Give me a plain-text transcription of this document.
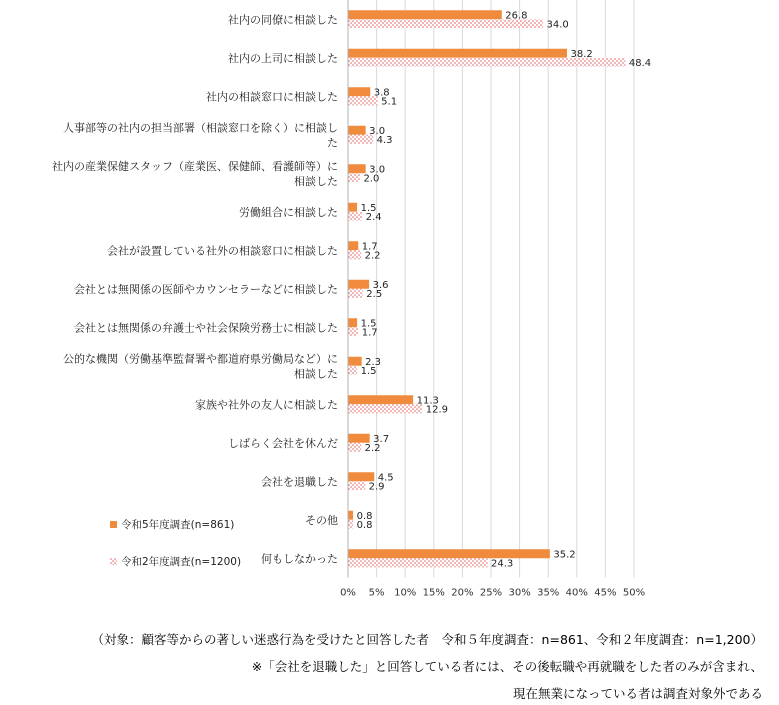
26.8
34.0
38.2
48.4
3.8
5.1
3.0
4.3
3.0
2.0
1.5
2.4
1.7
2.2
3.6
2.5
1.5
1.7
2.3
1.5
11.3
12.9
3.7
2.2
4.5
2.9
0.8
0.8
35.2
24.3
社内の同僚に相談した
社内の上司に相談した
社内の相談窓口に相談した
人事部等の社内の担当部署（相談窓口を除く）に相談し
た
社内の産業保健スタッフ（産業医、保健師、看護師等）に
相談した
労働組合に相談した
会社が設置している社外の相談窓口に相談した
会社とは無関係の医師やカウンセラーなどに相談した
会社とは無関係の弁護士や社会保険労務士に相談した
公的な機関（労働基準監督署や都道府県労働局など）に
相談した
家族や社外の友人に相談した
しばらく会社を休んだ
会社を退職した
その他
何もしなかった
0% 5% 10% 15% 20% 25% 30% 35% 40% 45% 50%
令和5年度調査(n=861)
令和2年度調査(n=1200)
（対象：顧客等からの著しい迷惑行為を受けたと回答した者　令和５年度調査：n=861、令和２年度調査：n=1,200）
※「会社を退職した」と回答している者には、その後転職や再就職をした者のみが含まれ、
現在無業になっている者は調査対象外である
